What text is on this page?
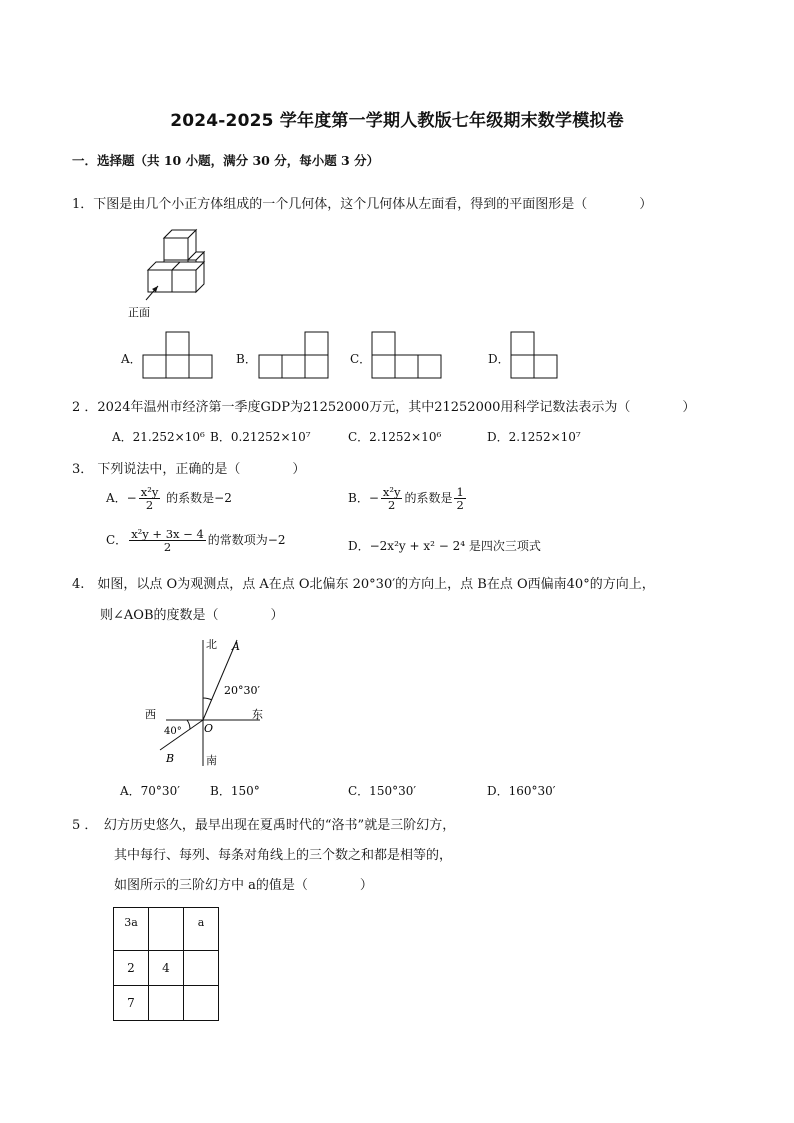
2024-2025 学年度第一学期人教版七年级期末数学模拟卷
一．选择题（共 10 小题，满分 30 分，每小题 3 分）
1．下图是由几个小正方体组成的一个几何体，这个几何体从左面看，得到的平面图形是（　　　　）
正面
A．	B．	C．	D．
2 ．2024年温州市经济第一季度GDP为21252000万元，其中21252000用科学记数法表示为（　　　　）
A．21.252×10⁶ B．0.21252×10⁷	C．2.1252×10⁶	D．2.1252×10⁷
3． 下列说法中，正确的是（　　　　）
A．− $\frac{\text{x²y}}{2}$ 的系数是−2	B．− $\frac{\text{x²y}}{2}$ 的系数是 $\frac{1}{2}$
C． $\frac{\text{x²y + 3x − 4}}{2}$ 的常数项为−2	D．−2x²y + x² − 2⁴ 是四次三项式
4.　如图，以点 O为观测点，点 A在点 O北偏东 20°30′的方向上，点 B在点 O西偏南40°的方向上，
则∠AOB的度数是（　　　　）
北
南
西	东
A
B
O
20°30′
40°
A．70°30′	B．150°	C．150°30′	D．160°30′
5 ．　幻方历史悠久，最早出现在夏禹时代的“洛书”就是三阶幻方，
其中每行、每列、每条对角线上的三个数之和都是相等的，
如图所示的三阶幻方中 a的值是（　　　　）
3a		a
2	4	
7		
